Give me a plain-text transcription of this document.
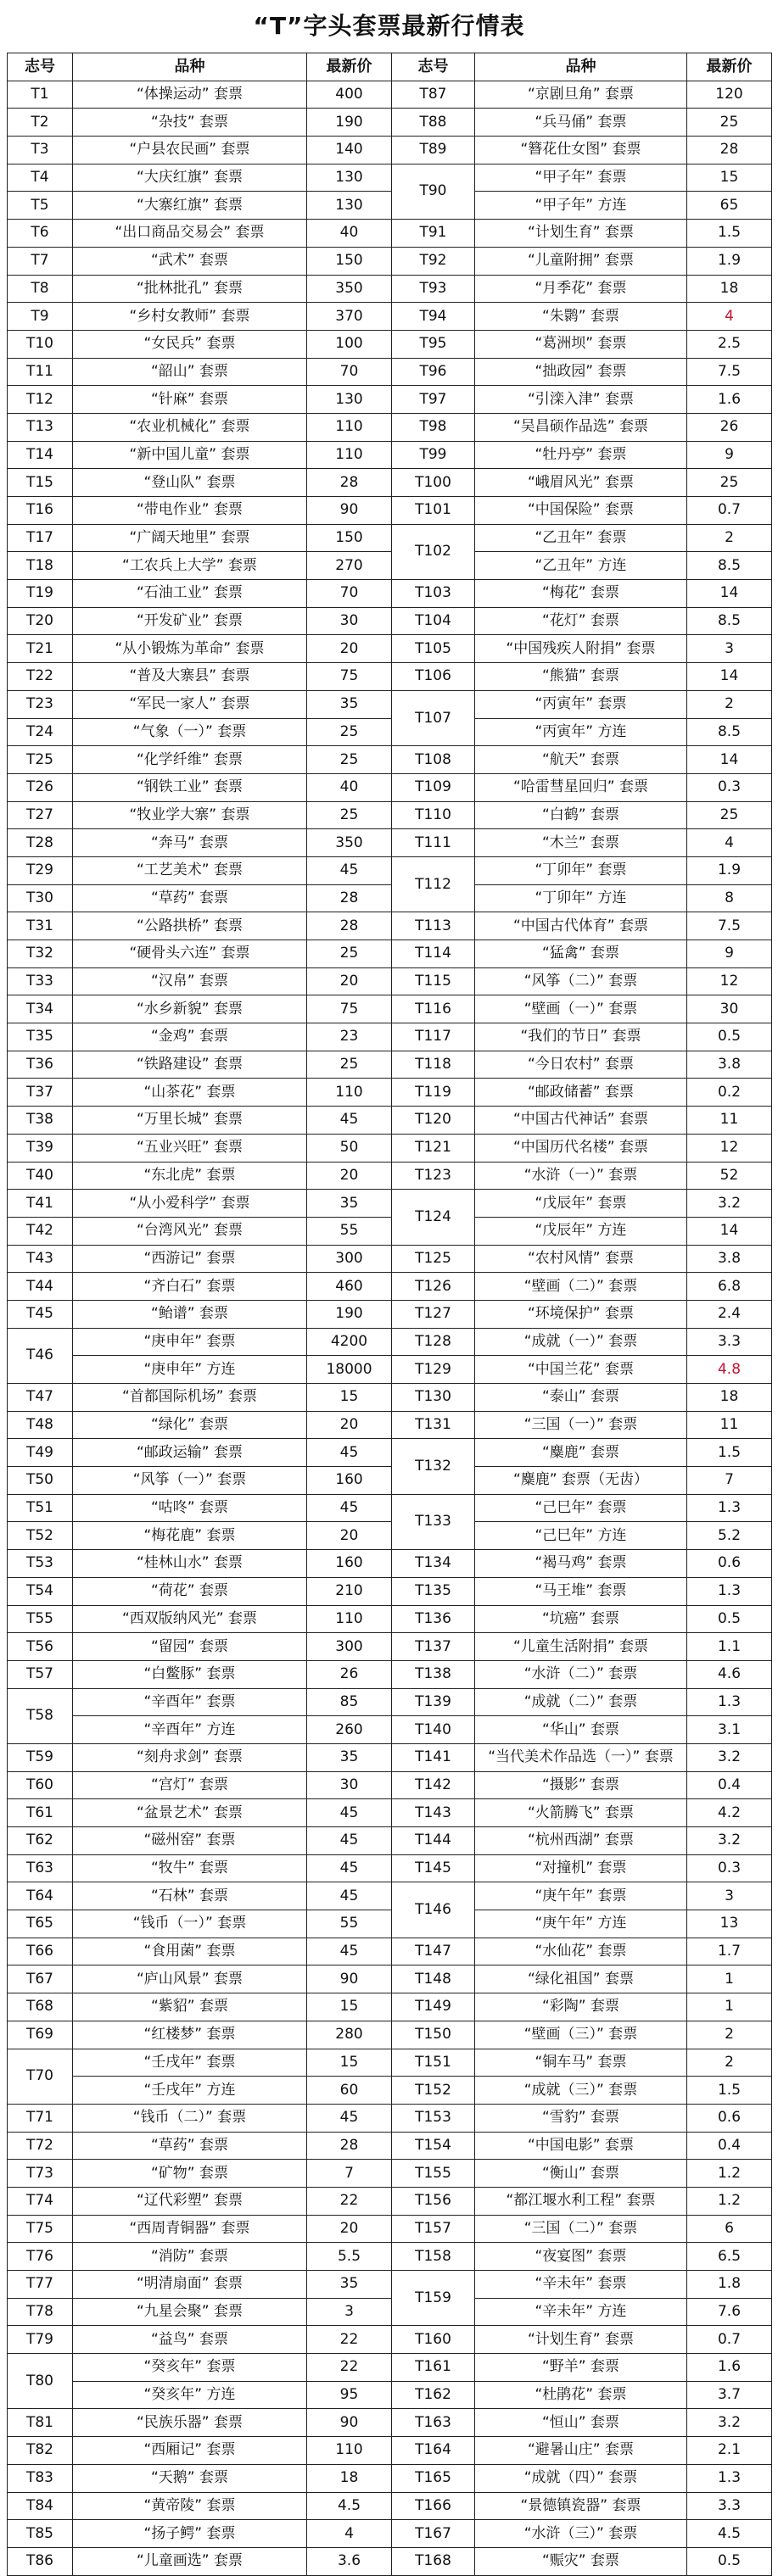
“T”字头套票最新行情表
志号	品种	最新价	志号	品种	最新价
T1	“体操运动” 套票	400	T87	“京剧旦角” 套票	120
T2	“杂技” 套票	190	T88	“兵马俑” 套票	25
T3	“户县农民画” 套票	140	T89	“簪花仕女图” 套票	28
T4	“大庆红旗” 套票	130	T90	“甲子年” 套票	15
T5	“大寨红旗” 套票	130		“甲子年” 方连	65
T6	“出口商品交易会” 套票	40	T91	“计划生育” 套票	1.5
T7	“武术” 套票	150	T92	“儿童附拥” 套票	1.9
T8	“批林批孔” 套票	350	T93	“月季花” 套票	18
T9	“乡村女教师” 套票	370	T94	“朱鹮” 套票	4
T10	“女民兵” 套票	100	T95	“葛洲坝” 套票	2.5
T11	“韶山” 套票	70	T96	“拙政园” 套票	7.5
T12	“针麻” 套票	130	T97	“引滦入津” 套票	1.6
T13	“农业机械化” 套票	110	T98	“吴昌硕作品选” 套票	26
T14	“新中国儿童” 套票	110	T99	“牡丹亭” 套票	9
T15	“登山队” 套票	28	T100	“峨眉风光” 套票	25
T16	“带电作业” 套票	90	T101	“中国保险” 套票	0.7
T17	“广阔天地里” 套票	150	T102	“乙丑年” 套票	2
T18	“工农兵上大学” 套票	270		“乙丑年” 方连	8.5
T19	“石油工业” 套票	70	T103	“梅花” 套票	14
T20	“开发矿业” 套票	30	T104	“花灯” 套票	8.5
T21	“从小锻炼为革命” 套票	20	T105	“中国残疾人附捐” 套票	3
T22	“普及大寨县” 套票	75	T106	“熊猫” 套票	14
T23	“军民一家人” 套票	35	T107	“丙寅年” 套票	2
T24	“气象（一）” 套票	25		“丙寅年” 方连	8.5
T25	“化学纤维” 套票	25	T108	“航天” 套票	14
T26	“钢铁工业” 套票	40	T109	“哈雷彗星回归” 套票	0.3
T27	“牧业学大寨” 套票	25	T110	“白鹤” 套票	25
T28	“奔马” 套票	350	T111	“木兰” 套票	4
T29	“工艺美术” 套票	45	T112	“丁卯年” 套票	1.9
T30	“草药” 套票	28		“丁卯年” 方连	8
T31	“公路拱桥” 套票	28	T113	“中国古代体育” 套票	7.5
T32	“硬骨头六连” 套票	25	T114	“猛禽” 套票	9
T33	“汉帛” 套票	20	T115	“风筝（二）” 套票	12
T34	“水乡新貌” 套票	75	T116	“壁画（一）” 套票	30
T35	“金鸡” 套票	23	T117	“我们的节日” 套票	0.5
T36	“铁路建设” 套票	25	T118	“今日农村” 套票	3.8
T37	“山茶花” 套票	110	T119	“邮政储蓄” 套票	0.2
T38	“万里长城” 套票	45	T120	“中国古代神话” 套票	11
T39	“五业兴旺” 套票	50	T121	“中国历代名楼” 套票	12
T40	“东北虎” 套票	20	T123	“水浒（一）” 套票	52
T41	“从小爱科学” 套票	35	T124	“戊辰年” 套票	3.2
T42	“台湾风光” 套票	55		“戊辰年” 方连	14
T43	“西游记” 套票	300	T125	“农村风情” 套票	3.8
T44	“齐白石” 套票	460	T126	“壁画（二）” 套票	6.8
T45	“鲐谱” 套票	190	T127	“环境保护” 套票	2.4
T46	“庚申年” 套票	4200	T128	“成就（一）” 套票	3.3
	“庚申年” 方连	18000	T129	“中国兰花” 套票	4.8
T47	“首都国际机场” 套票	15	T130	“泰山” 套票	18
T48	“绿化” 套票	20	T131	“三国（一）” 套票	11
T49	“邮政运输” 套票	45	T132	“麋鹿” 套票	1.5
T50	“风筝（一）” 套票	160		“麋鹿” 套票（无齿）	7
T51	“咕咚” 套票	45	T133	“己巳年” 套票	1.3
T52	“梅花鹿” 套票	20		“己巳年” 方连	5.2
T53	“桂林山水” 套票	160	T134	“褐马鸡” 套票	0.6
T54	“荷花” 套票	210	T135	“马王堆” 套票	1.3
T55	“西双版纳风光” 套票	110	T136	“坑癌” 套票	0.5
T56	“留园” 套票	300	T137	“儿童生活附捐” 套票	1.1
T57	“白鳖豚” 套票	26	T138	“水浒（二）” 套票	4.6
T58	“辛酉年” 套票	85	T139	“成就（二）” 套票	1.3
	“辛酉年” 方连	260	T140	“华山” 套票	3.1
T59	“刻舟求剑” 套票	35	T141	“当代美术作品选（一）” 套票	3.2
T60	“宫灯” 套票	30	T142	“摄影” 套票	0.4
T61	“盆景艺术” 套票	45	T143	“火箭腾飞” 套票	4.2
T62	“磁州窑” 套票	45	T144	“杭州西湖” 套票	3.2
T63	“牧牛” 套票	45	T145	“对撞机” 套票	0.3
T64	“石林” 套票	45	T146	“庚午年” 套票	3
T65	“钱币（一）” 套票	55		“庚午年” 方连	13
T66	“食用菌” 套票	45	T147	“水仙花” 套票	1.7
T67	“庐山风景” 套票	90	T148	“绿化祖国” 套票	1
T68	“紫貂” 套票	15	T149	“彩陶” 套票	1
T69	“红楼梦” 套票	280	T150	“壁画（三）” 套票	2
T70	“壬戌年” 套票	15	T151	“铜车马” 套票	2
	“壬戌年” 方连	60	T152	“成就（三）” 套票	1.5
T71	“钱币（二）” 套票	45	T153	“雪豹” 套票	0.6
T72	“草药” 套票	28	T154	“中国电影” 套票	0.4
T73	“矿物” 套票	7	T155	“衡山” 套票	1.2
T74	“辽代彩塑” 套票	22	T156	“都江堰水利工程” 套票	1.2
T75	“西周青铜器” 套票	20	T157	“三国（二）” 套票	6
T76	“消防” 套票	5.5	T158	“夜宴图” 套票	6.5
T77	“明清扇面” 套票	35	T159	“辛未年” 套票	1.8
T78	“九星会聚” 套票	3		“辛未年” 方连	7.6
T79	“益鸟” 套票	22	T160	“计划生育” 套票	0.7
T80	“癸亥年” 套票	22	T161	“野羊” 套票	1.6
	“癸亥年” 方连	95	T162	“杜鹃花” 套票	3.7
T81	“民族乐器” 套票	90	T163	“恒山” 套票	3.2
T82	“西厢记” 套票	110	T164	“避暑山庄” 套票	2.1
T83	“天鹅” 套票	18	T165	“成就（四）” 套票	1.3
T84	“黄帝陵” 套票	4.5	T166	“景德镇瓷器” 套票	3.3
T85	“扬子鳄” 套票	4	T167	“水浒（三）” 套票	4.5
T86	“儿童画选” 套票	3.6	T168	“赈灾” 套票	0.5
